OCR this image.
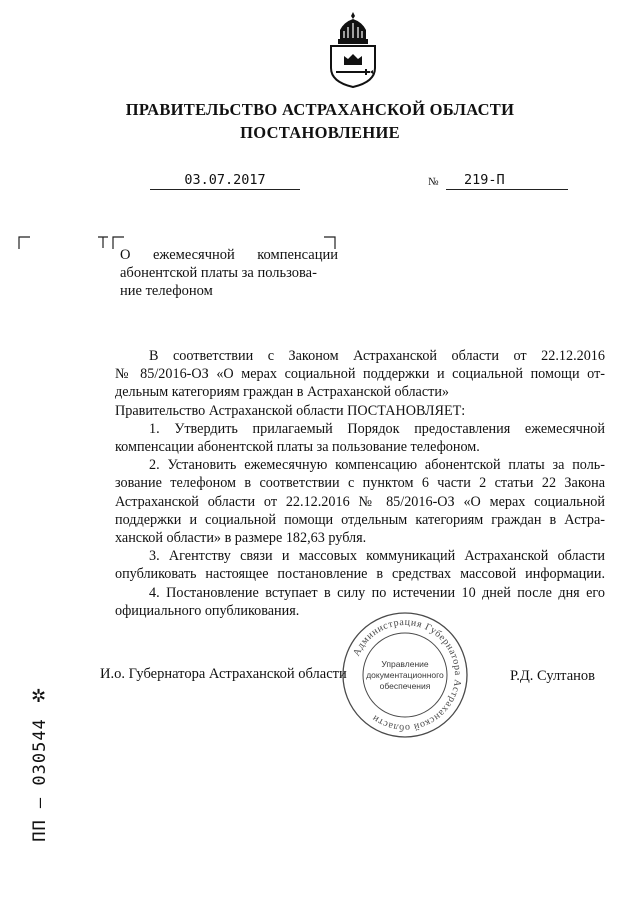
ПРАВИТЕЛЬСТВО АСТРАХАНСКОЙ ОБЛАСТИ
ПОСТАНОВЛЕНИЕ
03.07.2017	№	219-П
О ежемесячной компенсации
абонентской платы за пользова-
ние телефоном
В соответствии с Законом Астраханской области от 22.12.2016
№ 85/2016-ОЗ «О мерах социальной поддержки и социальной помощи от-
дельным категориям граждан в Астраханской области»
Правительство Астраханской области ПОСТАНОВЛЯЕТ:
1. Утвердить прилагаемый Порядок предоставления ежемесячной
компенсации абонентской платы за пользование телефоном.
2. Установить ежемесячную компенсацию абонентской платы за поль-
зование телефоном в соответствии с пунктом 6 части 2 статьи 22 Закона
Астраханской области от 22.12.2016 № 85/2016-ОЗ «О мерах социальной
поддержки и социальной помощи отдельным категориям граждан в Астра-
ханской области» в размере 182,63 рубля.
3. Агентству связи и массовых коммуникаций Астраханской области
опубликовать настоящее постановление в средствах массовой информации.
4. Постановление вступает в силу по истечении 10 дней после дня его
официального опубликования.
Администрация Губернатора Астраханской области
Управление
документационного
обеспечения
И.о. Губернатора Астраханской области	Р.Д. Султанов
✲
ПП – 030544
